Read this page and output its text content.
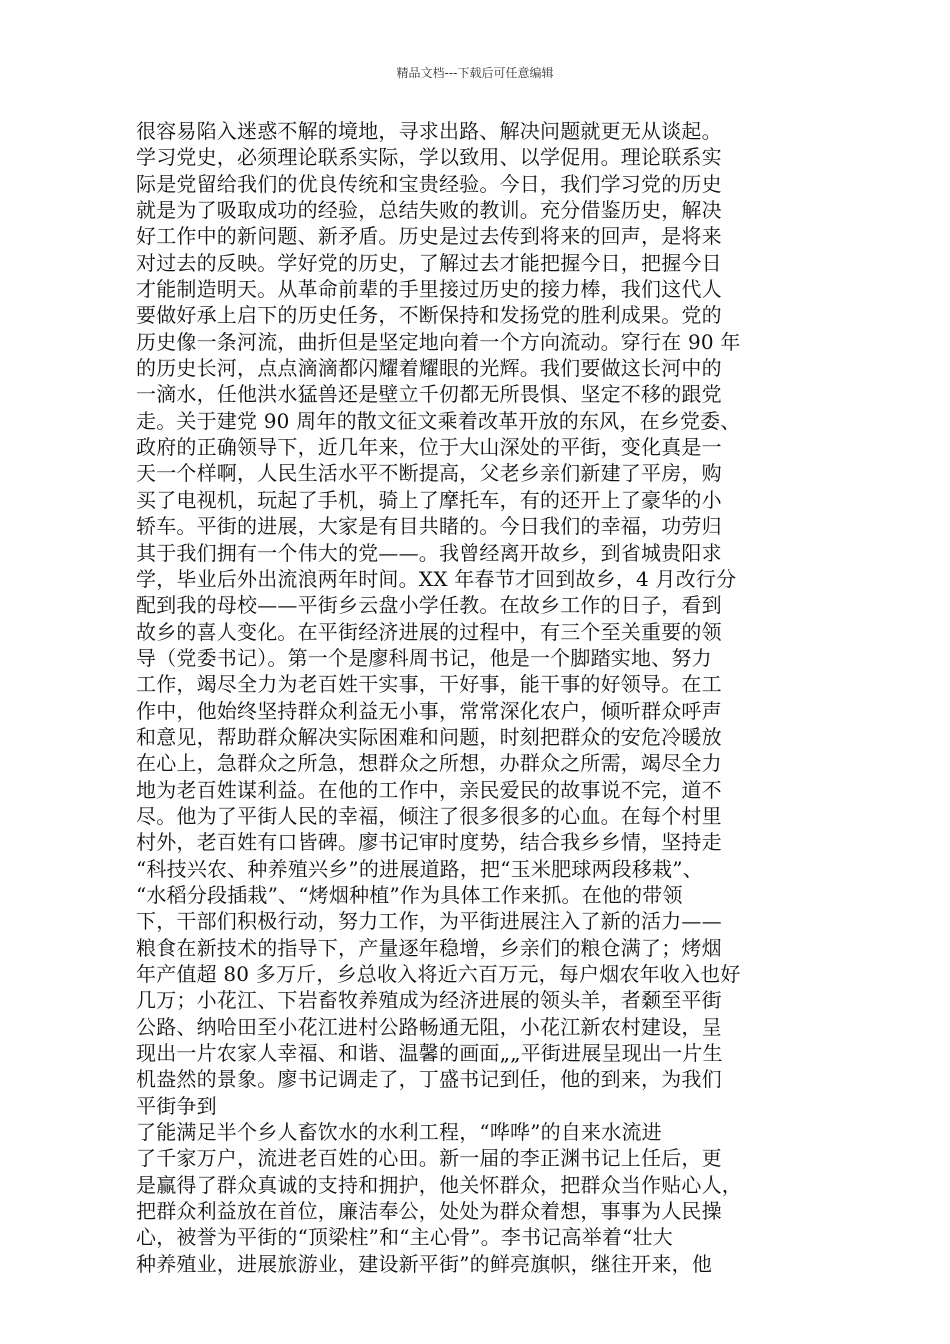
精品文档---下载后可任意编辑
很容易陷入迷惑不解的境地，寻求出路、解决问题就更无从谈起。
学习党史，必须理论联系实际，学以致用、以学促用。理论联系实
际是党留给我们的优良传统和宝贵经验。今日，我们学习党的历史
就是为了吸取成功的经验，总结失败的教训。充分借鉴历史，解决
好工作中的新问题、新矛盾。历史是过去传到将来的回声，是将来
对过去的反映。学好党的历史，了解过去才能把握今日，把握今日
才能制造明天。从革命前辈的手里接过历史的接力棒，我们这代人
要做好承上启下的历史任务，不断保持和发扬党的胜利成果。党的
历史像一条河流，曲折但是坚定地向着一个方向流动。穿行在 90 年
的历史长河，点点滴滴都闪耀着耀眼的光辉。我们要做这长河中的
一滴水，任他洪水猛兽还是壁立千仞都无所畏惧、坚定不移的跟党
走。关于建党 90 周年的散文征文乘着改革开放的东风，在乡党委、
政府的正确领导下，近几年来，位于大山深处的平街，变化真是一
天一个样啊，人民生活水平不断提高，父老乡亲们新建了平房，购
买了电视机，玩起了手机，骑上了摩托车，有的还开上了豪华的小
轿车。平街的进展，大家是有目共睹的。今日我们的幸福，功劳归
其于我们拥有一个伟大的党——。我曾经离开故乡，到省城贵阳求
学，毕业后外出流浪两年时间。XX 年春节才回到故乡，4 月改行分
配到我的母校——平街乡云盘小学任教。在故乡工作的日子，看到
故乡的喜人变化。在平街经济进展的过程中，有三个至关重要的领
导（党委书记）。第一个是廖科周书记，他是一个脚踏实地、努力
工作，竭尽全力为老百姓干实事，干好事，能干事的好领导。在工
作中，他始终坚持群众利益无小事，常常深化农户，倾听群众呼声
和意见，帮助群众解决实际困难和问题，时刻把群众的安危冷暖放
在心上，急群众之所急，想群众之所想，办群众之所需，竭尽全力
地为老百姓谋利益。在他的工作中，亲民爱民的故事说不完，道不
尽。他为了平街人民的幸福，倾注了很多很多的心血。在每个村里
村外，老百姓有口皆碑。廖书记审时度势，结合我乡乡情，坚持走
“科技兴农、种养殖兴乡”的进展道路，把“玉米肥球两段移栽”、
“水稻分段插栽”、“烤烟种植”作为具体工作来抓。在他的带领
下，干部们积极行动，努力工作，为平街进展注入了新的活力——
粮食在新技术的指导下，产量逐年稳增，乡亲们的粮仓满了；烤烟
年产值超 80 多万斤，乡总收入将近六百万元，每户烟农年收入也好
几万；小花江、下岩畜牧养殖成为经济进展的领头羊，者颡至平街
公路、纳哈田至小花江进村公路畅通无阻，小花江新农村建设，呈
现出一片农家人幸福、和谐、温馨的画面„„平街进展呈现出一片生
机盎然的景象。廖书记调走了，丁盛书记到任，他的到来，为我们
平街争到
了能满足半个乡人畜饮水的水利工程，“哗哗”的自来水流进
了千家万户，流进老百姓的心田。新一届的李正渊书记上任后，更
是赢得了群众真诚的支持和拥护，他关怀群众，把群众当作贴心人，
把群众利益放在首位，廉洁奉公，处处为群众着想，事事为人民操
心，被誉为平街的“顶梁柱”和“主心骨”。李书记高举着“壮大
种养殖业，进展旅游业，建设新平街”的鲜亮旗帜，继往开来，他
